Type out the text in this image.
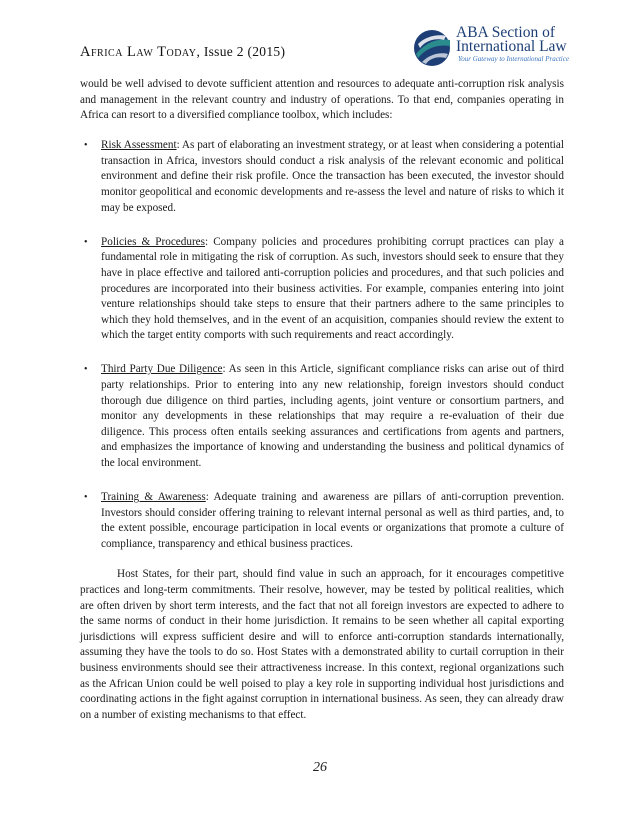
Africa Law Today, Issue 2 (2015)
ABA Section of
International Law
Your Gateway to International Practice

would be well advised to devote sufficient attention and resources to adequate anti-corruption risk analysis and management in the relevant country and industry of operations. To that end, companies operating in Africa can resort to a diversified compliance toolbox, which includes:

• Risk Assessment: As part of elaborating an investment strategy, or at least when considering a potential transaction in Africa, investors should conduct a risk analysis of the relevant economic and political environment and define their risk profile. Once the transaction has been executed, the investor should monitor geopolitical and economic developments and re-assess the level and nature of risks to which it may be exposed.
• Policies & Procedures: Company policies and procedures prohibiting corrupt practices can play a fundamental role in mitigating the risk of corruption. As such, investors should seek to ensure that they have in place effective and tailored anti-corruption policies and procedures, and that such policies and procedures are incorporated into their business activities. For example, companies entering into joint venture relationships should take steps to ensure that their partners adhere to the same principles to which they hold themselves, and in the event of an acquisition, companies should review the extent to which the target entity comports with such requirements and react accordingly.
• Third Party Due Diligence: As seen in this Article, significant compliance risks can arise out of third party relationships. Prior to entering into any new relationship, foreign investors should conduct thorough due diligence on third parties, including agents, joint venture or consortium partners, and monitor any developments in these relationships that may require a re-evaluation of their due diligence. This process often entails seeking assurances and certifications from agents and partners, and emphasizes the importance of knowing and understanding the business and political dynamics of the local environment.
• Training & Awareness: Adequate training and awareness are pillars of anti-corruption prevention. Investors should consider offering training to relevant internal personal as well as third parties, and, to the extent possible, encourage participation in local events or organizations that promote a culture of compliance, transparency and ethical business practices.

Host States, for their part, should find value in such an approach, for it encourages competitive practices and long-term commitments. Their resolve, however, may be tested by political realities, which are often driven by short term interests, and the fact that not all foreign investors are expected to adhere to the same norms of conduct in their home jurisdiction. It remains to be seen whether all capital exporting jurisdictions will express sufficient desire and will to enforce anti-corruption standards internationally, assuming they have the tools to do so. Host States with a demonstrated ability to curtail corruption in their business environments should see their attractiveness increase. In this context, regional organizations such as the African Union could be well poised to play a key role in supporting individual host jurisdictions and coordinating actions in the fight against corruption in international business. As seen, they can already draw on a number of existing mechanisms to that effect.

26
